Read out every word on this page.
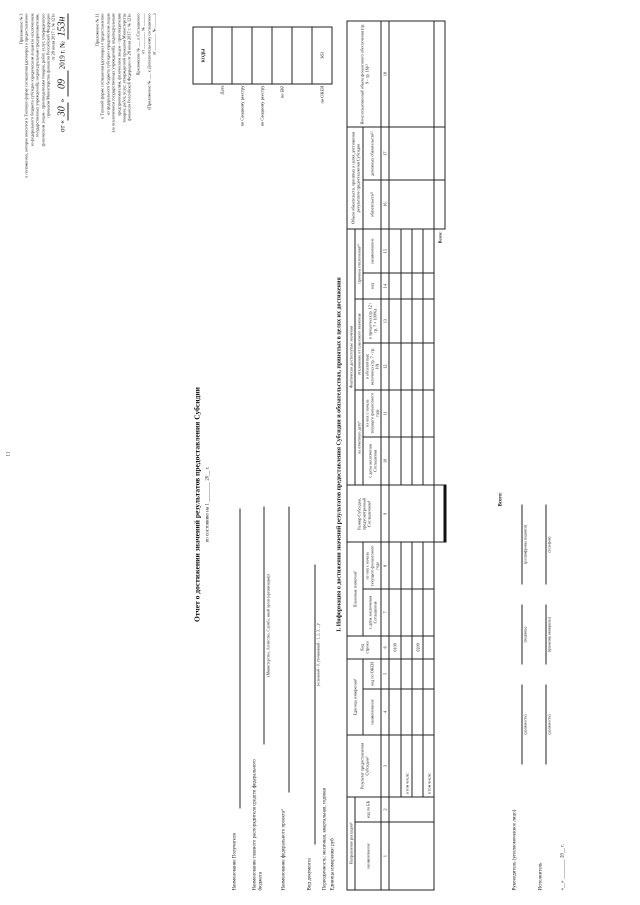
11
Приложение № 3 к положению, которое вносится в Типовую форму соглашения (договора) о предоставлении из федерального бюджета субсидии юридическим лицам (за исключением государственных учреждений), индивидуальным предпринимателям, физическим лицам - производителям товаров, работ, услуг, утвержденную приказом Министерства финансов Российской Федерации от 28 июля 2017 г. № 121н
от «30» 09 2019 г. № 153н	Приложение № 11 к Типовой форме соглашения (договора) о предоставлении из федерального бюджета субсидии юридическим лицам (за исключением государственных учреждений), индивидуальным предпринимателям, физическим лицам - производителям товаров, работ, услуг, утвержденной приказом Министерства финансов Российской Федерации от 28 июля 2017 г. № 121н Приложение № ___ к Соглашению от ________ № ______ (Приложение № ___ к Дополнительному соглашению от ________ № ______)
Отчет о достижении значений результатов предоставления Субсидии по состоянию на 1 ________ 20__ г.
	КОДЫ
Дата	
по Сводному реестру	
по Сводному реестру	
по БК¹	

по ОКЕИ	383
Наименование Получателя	Наименование главного распорядителя средств федерального бюджета
(Министерство, Агентство, Служба, иной орган (организация))
Наименование федерального проекта²	Вид документа
(основной - 0, уточненный - 1, 2, 3, ...)³
Периодичность: месячная, квартальная, годовая Единица измерения: руб
I. Информация о достижении значений результатов предоставления Субсидии и обязательствах, принятых в целях их достижения
Направление расходов⁴		Результат предоставления Субсидии⁵	Единица измерения⁶		Код строки	Плановые значения⁷		Размер Субсидии, предусмотренный Соглашением⁸	Фактически достигнутые значения						Объем обязательств, принятых в целях достижения результатов предоставления Субсидии		Неиспользованный объем финансового обеспечения (гр. 9 - гр. 16)¹³
наименование	код по БК								на отчетную дату⁹		отклонение от планового значения		причина отклонения¹⁰				
			наименование	код по ОКЕИ		с даты заключения Соглашения	из них с начала текущего финансового года		с даты заключения Соглашения	из них с начала текущего финансового года	в абсолютных величинах (гр. 7 - гр. 10)	в процентах (гр. 12 / гр. 7 × 100%)	код	наименование	обязательств¹¹	денежных обязательств¹²	
1	2	3	4	5	6	7	8	9	10	11	12	13	14	15	16	17	18
					0100												
		в том числе:															
					0200												
		в том числе:															
									Всего:								
Всего:
Руководитель (уполномоченное лицо)
(должность)
(подпись)
(расшифровка подписи)
Исполнитель
(должность)
(фамилия, инициалы)
(телефон)
«__» ________ 20__ г.
